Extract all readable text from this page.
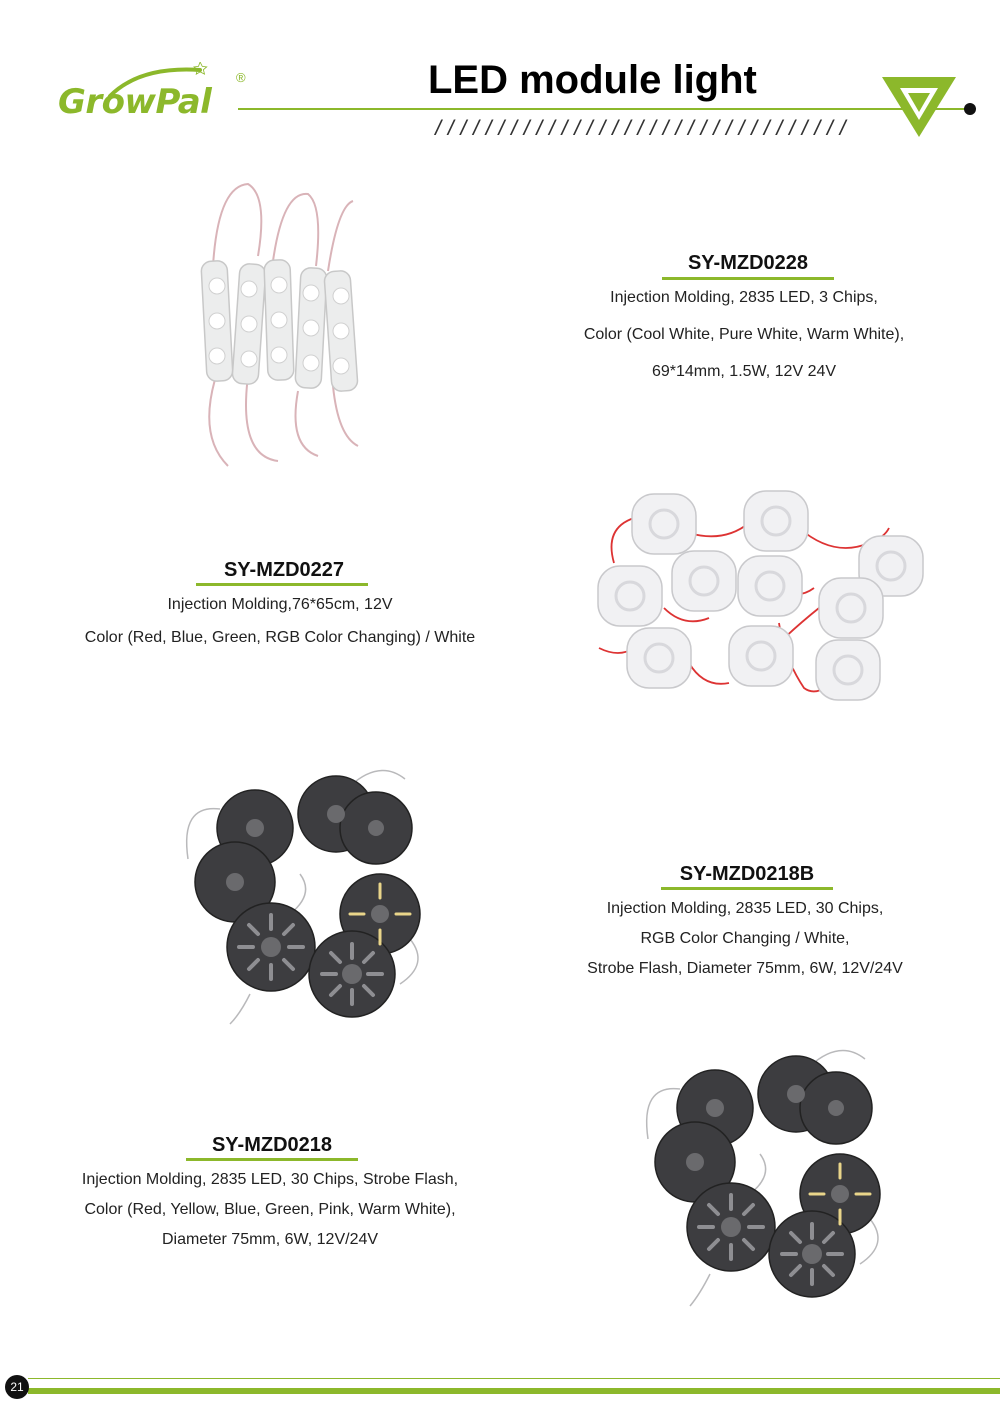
GrowPal
®	LED module light
/////////////////////////////////
SY-MZD0228
Injection Molding, 2835 LED, 3 Chips,
Color (Cool White, Pure White, Warm White),
69*14mm, 1.5W, 12V 24V
SY-MZD0227
Injection Molding,76*65cm, 12V
Color (Red, Blue, Green, RGB Color Changing) / White
SY-MZD0218B
Injection Molding, 2835 LED, 30 Chips,
RGB Color Changing / White,
Strobe Flash, Diameter 75mm, 6W, 12V/24V
SY-MZD0218
Injection Molding, 2835 LED, 30 Chips, Strobe Flash,
Color (Red, Yellow, Blue, Green, Pink, Warm White),
Diameter 75mm, 6W, 12V/24V
21
